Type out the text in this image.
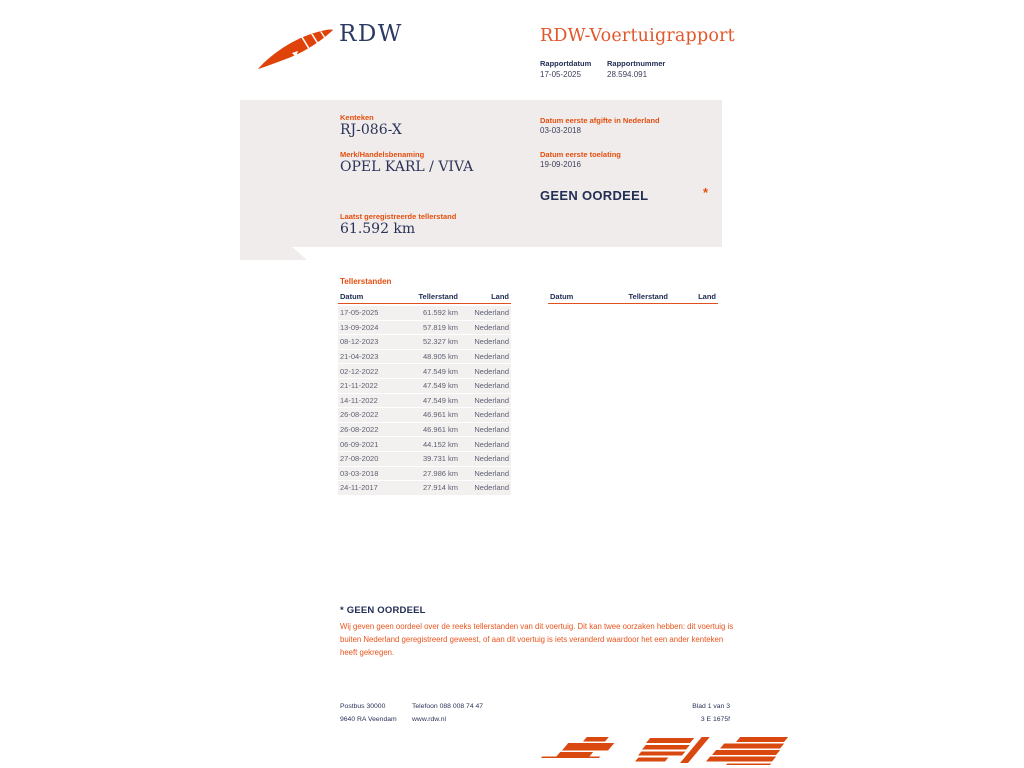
RDW	RDW-Voertuigrapport
Rapportdatum Rapportnummer
17-05-2025	28.594.091
Kenteken
RJ-086-X
Merk/Handelsbenaming
OPEL KARL / VIVA
Laatst geregistreerde tellerstand
61.592 km
Datum eerste afgifte in Nederland
03-03-2018
Datum eerste toelating
19-09-2016
GEEN OORDEEL	*
Tellerstanden
Datum	Tellerstand	Land
17-05-2025	61.592 km	Nederland
13-09-2024	57.819 km	Nederland
08-12-2023	52.327 km	Nederland
21-04-2023	48.905 km	Nederland
02-12-2022	47.549 km	Nederland
21-11-2022	47.549 km	Nederland
14-11-2022	47.549 km	Nederland
26-08-2022	46.961 km	Nederland
26-08-2022	46.961 km	Nederland
06-09-2021	44.152 km	Nederland
27-08-2020	39.731 km	Nederland
03-03-2018	27.986 km	Nederland
24-11-2017	27.914 km	Nederland
Datum	Tellerstand	Land
* GEEN OORDEEL
Wij geven geen oordeel over de reeks tellerstanden van dit voertuig. Dit kan twee oorzaken hebben: dit voertuig is buiten Nederland geregistreerd geweest, of aan dit voertuig is iets veranderd waardoor het een ander kenteken heeft gekregen.
Postbus 30000
9640 RA Veendam
Telefoon 088 008 74 47
www.rdw.nl
Blad 1 van 3
3 E 1675f
